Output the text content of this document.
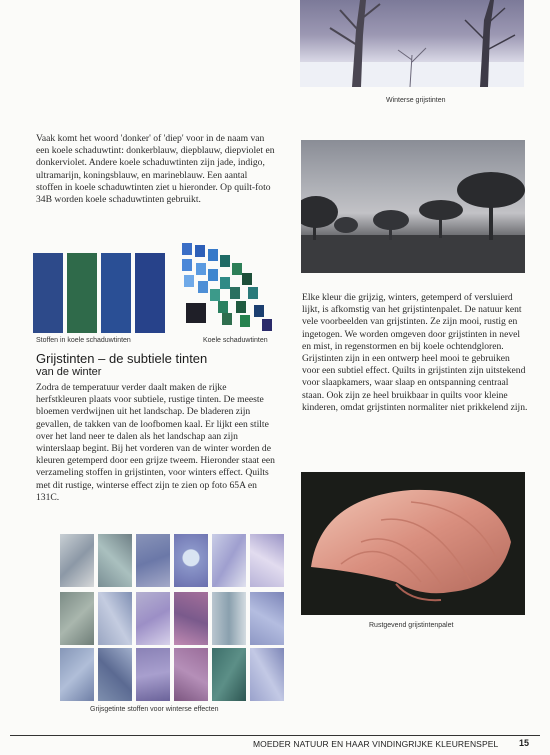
Winterse grijstinten

Vaak komt het woord 'donker' of 'diep' voor in de naam van een koele schaduwtint: donkerblauw, diepblauw, diepviolet en donkerviolet. Andere koele schaduwtinten zijn jade, indigo, ultramarijn, koningsblauw, en marineblauw. Een aantal stoffen in koele schaduwtinten ziet u hieronder. Op quilt-foto 34B worden koele schaduwtinten gebruikt.

Stoffen in koele schaduwtinten	Koele schaduwtinten
Grijstinten – de subtiele tinten
van de winter

Zodra de temperatuur verder daalt maken de rijke herfstkleuren plaats voor subtiele, rustige tinten. De meeste bloemen verdwijnen uit het landschap. De bladeren zijn gevallen, de takken van de loofbomen kaal. Er lijkt een stilte over het land neer te dalen als het landschap aan zijn winterslaap begint. Bij het vorderen van de winter worden de kleuren getemperd door een grijze tweem. Hieronder staat een verzameling stoffen in grijstinten, voor winters effect. Quilts met dit rustige, winterse effect zijn te zien op foto 65A en 131C.

Grijsgetinte stoffen voor winterse effecten

Elke kleur die grijzig, winters, getemperd of versluierd lijkt, is afkomstig van het grijstintenpalet. De natuur kent vele voorbeelden van grijstinten. Ze zijn mooi, rustig en ingetogen. We worden omgeven door grijstinten in nevel en mist, in regenstormen en bij koele ochtendgloren. Grijstinten zijn in een ontwerp heel mooi te gebruiken voor een subtiel effect. Quilts in grijstinten zijn uitstekend voor slaapkamers, waar slaap en ontspanning centraal staan. Ook zijn ze heel bruikbaar in quilts voor kleine kinderen, omdat grijstinten normaliter niet prikkelend zijn.

Rustgevend grijstintenpalet
MOEDER NATUUR EN HAAR VINDINGRIJKE KLEURENSPEL 15
